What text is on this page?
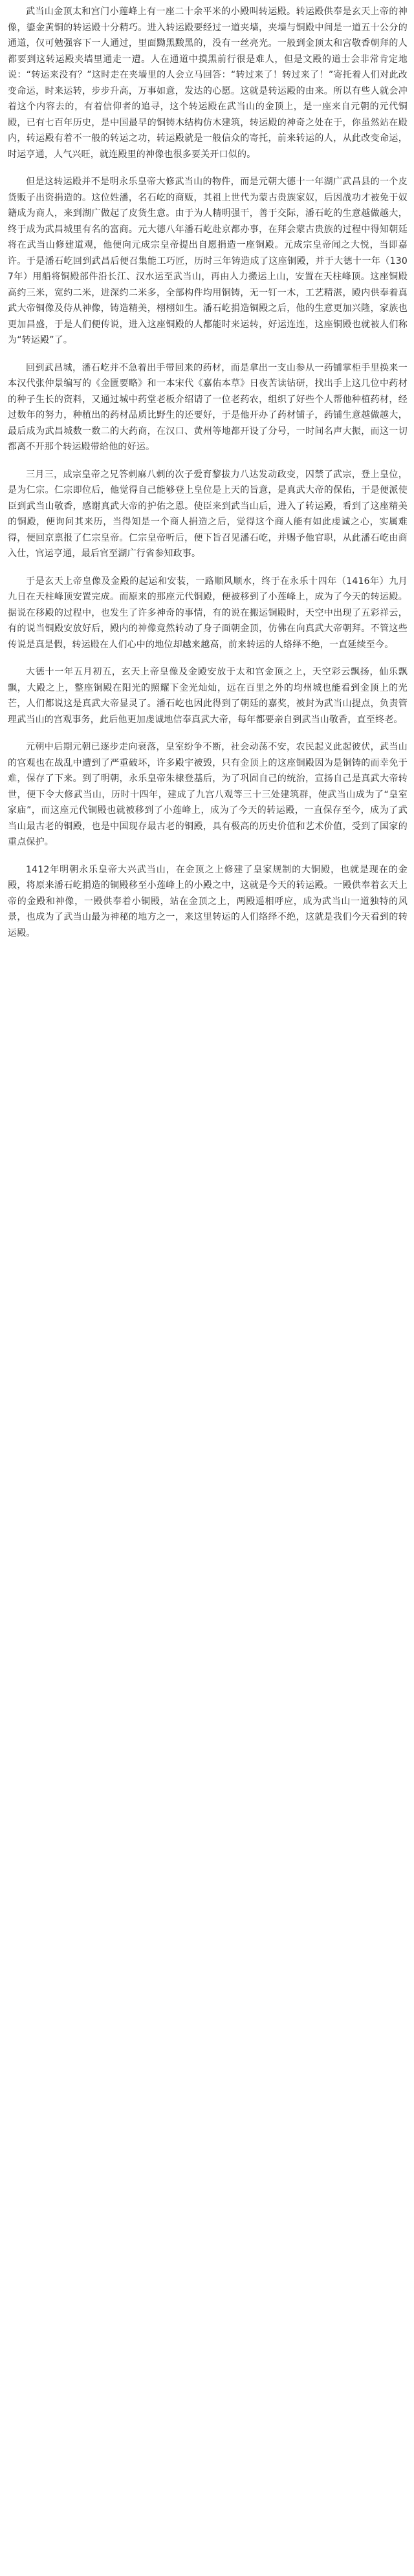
武当山金顶太和宫门小莲峰上有一座二十余平米的小殿叫转运殿。转运殿供奉是玄天上帝的神像，鎏金黄铜的转运殿十分精巧。进入转运殿要经过一道夹墙，夹墙与铜殿中间是一道五十公分的通道，仅可勉强容下一人通过，里面黝黑黢黑的，没有一丝亮光。一般到金顶太和宫敬香朝拜的人都要到这转运殿夹墙里通走一遭。人在通道中摸黑前行很是难人，但是文殿的道士会非常肯定地说：“转运来没有？”这时走在夹墙里的人会立马回答：“转过来了！转过来了！”寄托着人们对此改变命运，时来运转，步步升高，万事如意，发达的心愿。这就是转运殿的由来。所以有些人就会冲着这个内容去的，有着信仰者的追寻，这个转运殿在武当山的金顶上，是一座来自元朝的元代铜殿，已有七百年历史，是中国最早的铜铸木结构仿木建筑，转运殿的神奇之处在于，你虽然站在殿内，转运殿有着不一般的转运之功，转运殿就是一般信众的寄托，前来转运的人，从此改变命运，时运亨通，人气兴旺，就连殿里的神像也很多要关开口似的。

但是这转运殿并不是明永乐皇帝大修武当山的物件，而是元朝大德十一年湖广武昌县的一个皮货贩子出资捐造的。这位姓潘，名石屹的商贩，其祖上世代为蒙古贵族家奴，后因战功才被免于奴籍成为商人，来到湖广做起了皮货生意。由于为人精明强干，善于交际，潘石屹的生意越做越大，终于成为武昌城里有名的富商。元大德八年潘石屹赴京都办事，在拜会蒙古贵族的过程中得知朝廷将在武当山修建道观，他便向元成宗皇帝提出自愿捐造一座铜殿。元成宗皇帝闻之大悦，当即嘉许。于是潘石屹回到武昌后便召集能工巧匠，历时三年铸造成了这座铜殿，并于大德十一年（1307年）用船将铜殿部件沿长江、汉水运至武当山，再由人力搬运上山，安置在天柱峰顶。这座铜殿高约三米，宽约二米，进深约二米多，全部构件均用铜铸，无一钉一木，工艺精湛，殿内供奉着真武大帝铜像及侍从神像，铸造精美，栩栩如生。潘石屹捐造铜殿之后，他的生意更加兴隆，家族也更加昌盛，于是人们便传说，进入这座铜殿的人都能时来运转，好运连连，这座铜殿也就被人们称为“转运殿”了。

回到武昌城，潘石屹并不急着出手带回来的药材，而是拿出一支山参从一药铺掌柜手里换来一本汉代张仲景编写的《金匮要略》和一本宋代《嘉佑本草》日夜苦读钻研，找出手上这几位中药材的种子生长的资料，又通过城中药堂老板介绍请了一位老药农，组织了好些个人帮他种植药材，经过数年的努力，种植出的药材品质比野生的还要好，于是他开办了药材铺子，药铺生意越做越大，最后成为武昌城数一数二的大药商，在汉口、黄州等地都开设了分号，一时间名声大振，而这一切都离不开那个转运殿带给他的好运。

三月三，成宗皇帝之兄答剌麻八剌的次子爱育黎拔力八达发动政变，囚禁了武宗，登上皇位，是为仁宗。仁宗即位后，他觉得自己能够登上皇位是上天的旨意，是真武大帝的保佑，于是便派使臣到武当山敬香，感谢真武大帝的护佑之恩。使臣来到武当山后，进入了转运殿，看到了这座精美的铜殿，便询问其来历，当得知是一个商人捐造之后，觉得这个商人能有如此虔诚之心，实属难得，便回京禀报了仁宗皇帝。仁宗皇帝听后，便下旨召见潘石屹，并赐予他官职，从此潘石屹由商入仕，官运亨通，最后官至湖广行省参知政事。

于是玄天上帝皇像及金殿的起运和安装，一路顺风顺水，终于在永乐十四年（1416年）九月九日在天柱峰顶安置完成。而原来的那座元代铜殿，便被移到了小莲峰上，成为了今天的转运殿。据说在移殿的过程中，也发生了许多神奇的事情，有的说在搬运铜殿时，天空中出现了五彩祥云，有的说当铜殿安放好后，殿内的神像竟然转动了身子面朝金顶，仿佛在向真武大帝朝拜。不管这些传说是真是假，转运殿在人们心中的地位却越来越高，前来转运的人络绎不绝，一直延续至今。

大德十一年五月初五，玄天上帝皇像及金殿安放于太和宫金顶之上，天空彩云飘扬，仙乐飘飘，大殿之上，整座铜殿在阳光的照耀下金光灿灿，远在百里之外的均州城也能看到金顶上的光芒，人们都说这是真武大帝显灵了。潘石屹也因此得到了朝廷的嘉奖，被封为武当山提点，负责管理武当山的宫观事务，此后他更加虔诚地信奉真武大帝，每年都要亲自到武当山敬香，直至终老。

元朝中后期元朝已逐步走向衰落，皇室纷争不断，社会动荡不安，农民起义此起彼伏，武当山的宫观也在战乱中遭到了严重破坏，许多殿宇被毁，只有金顶上的这座铜殿因为是铜铸的而幸免于难，保存了下来。到了明朝，永乐皇帝朱棣登基后，为了巩固自己的统治，宣扬自己是真武大帝转世，便下令大修武当山，历时十四年，建成了九宫八观等三十三处建筑群，使武当山成为了“皇室家庙”，而这座元代铜殿也就被移到了小莲峰上，成为了今天的转运殿，一直保存至今，成为了武当山最古老的铜殿，也是中国现存最古老的铜殿，具有极高的历史价值和艺术价值，受到了国家的重点保护。

1412年明朝永乐皇帝大兴武当山，在金顶之上修建了皇家规制的大铜殿，也就是现在的金殿，将原来潘石屹捐造的铜殿移至小莲峰上的小殿之中，这就是今天的转运殿。一殿供奉着玄天上帝的金殿和神像，一殿供奉着小铜殿，站在金顶之上，两殿遥相呼应，成为武当山一道独特的风景，也成为了武当山最为神秘的地方之一，来这里转运的人们络绎不绝，这就是我们今天看到的转运殿。
